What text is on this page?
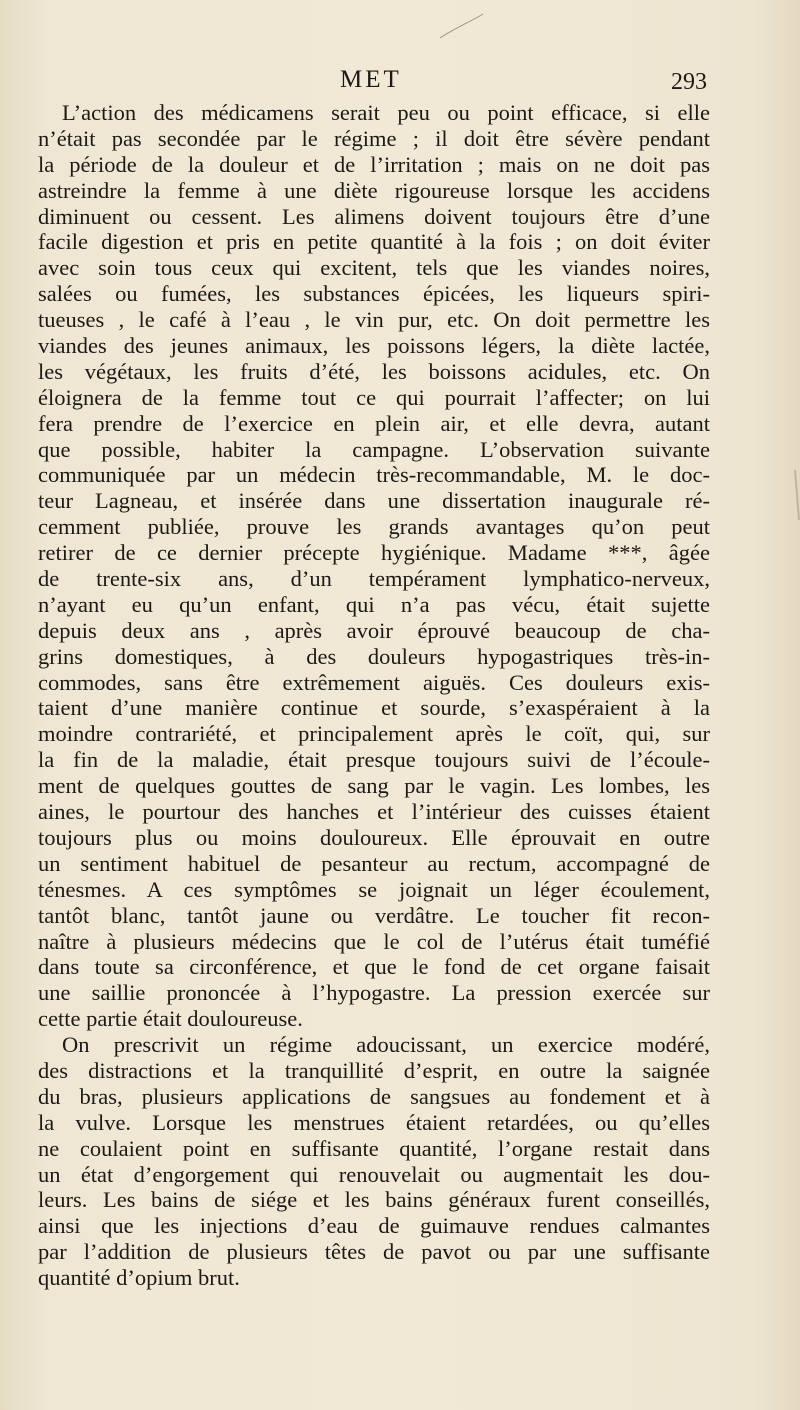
MET	293
L’action des médicamens serait peu ou point efficace, si elle
n’était pas secondée par le régime ; il doit être sévère pendant
la période de la douleur et de l’irritation ; mais on ne doit pas
astreindre la femme à une diète rigoureuse lorsque les accidens
diminuent ou cessent. Les alimens doivent toujours être d’une
facile digestion et pris en petite quantité à la fois ; on doit éviter
avec soin tous ceux qui excitent, tels que les viandes noires,
salées ou fumées, les substances épicées, les liqueurs spiri-
tueuses , le café à l’eau , le vin pur, etc. On doit permettre les
viandes des jeunes animaux, les poissons légers, la diète lactée,
les végétaux, les fruits d’été, les boissons acidules, etc. On
éloignera de la femme tout ce qui pourrait l’affecter; on lui
fera prendre de l’exercice en plein air, et elle devra, autant
que possible, habiter la campagne. L’observation suivante
communiquée par un médecin très-recommandable, M. le doc-
teur Lagneau, et insérée dans une dissertation inaugurale ré-
cemment publiée, prouve les grands avantages qu’on peut
retirer de ce dernier précepte hygiénique. Madame ***, âgée
de trente-six ans, d’un tempérament lymphatico-nerveux,
n’ayant eu qu’un enfant, qui n’a pas vécu, était sujette
depuis deux ans , après avoir éprouvé beaucoup de cha-
grins domestiques, à des douleurs hypogastriques très-in-
commodes, sans être extrêmement aiguës. Ces douleurs exis-
taient d’une manière continue et sourde, s’exaspéraient à la
moindre contrariété, et principalement après le coït, qui, sur
la fin de la maladie, était presque toujours suivi de l’écoule-
ment de quelques gouttes de sang par le vagin. Les lombes, les
aines, le pourtour des hanches et l’intérieur des cuisses étaient
toujours plus ou moins douloureux. Elle éprouvait en outre
un sentiment habituel de pesanteur au rectum, accompagné de
ténesmes. A ces symptômes se joignait un léger écoulement,
tantôt blanc, tantôt jaune ou verdâtre. Le toucher fit recon-
naître à plusieurs médecins que le col de l’utérus était tuméfié
dans toute sa circonférence, et que le fond de cet organe faisait
une saillie prononcée à l’hypogastre. La pression exercée sur
cette partie était douloureuse.
On prescrivit un régime adoucissant, un exercice modéré,
des distractions et la tranquillité d’esprit, en outre la saignée
du bras, plusieurs applications de sangsues au fondement et à
la vulve. Lorsque les menstrues étaient retardées, ou qu’elles
ne coulaient point en suffisante quantité, l’organe restait dans
un état d’engorgement qui renouvelait ou augmentait les dou-
leurs. Les bains de siége et les bains généraux furent conseillés,
ainsi que les injections d’eau de guimauve rendues calmantes
par l’addition de plusieurs têtes de pavot ou par une suffisante
quantité d’opium brut.
